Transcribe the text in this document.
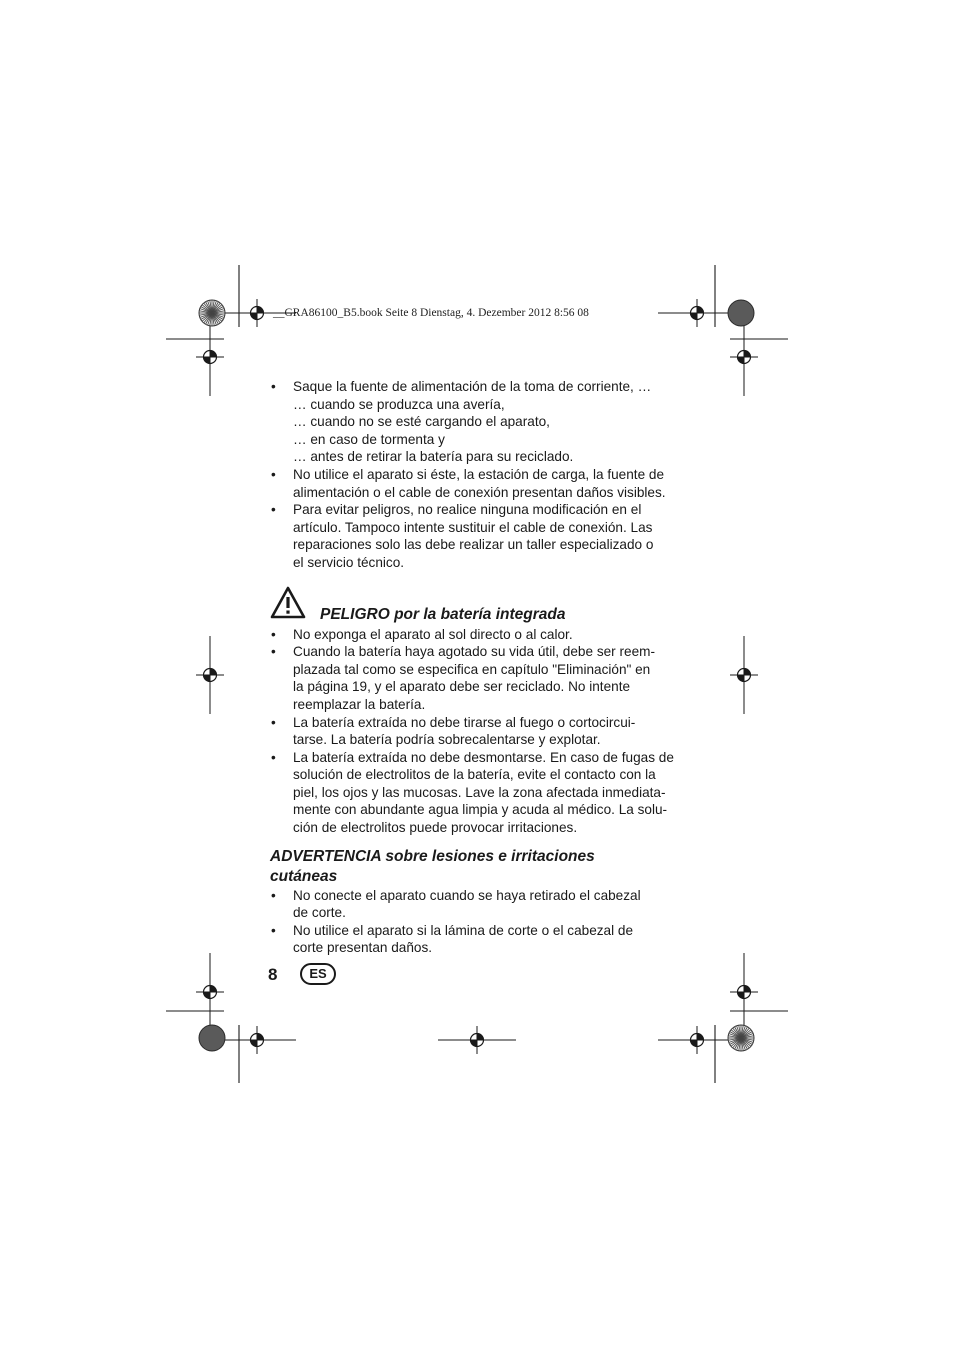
__GRA86100_B5.book Seite 8 Dienstag, 4. Dezember 2012 8:56 08
• Saque la fuente de alimentación de la toma de corriente, …
… cuando se produzca una avería,
… cuando no se esté cargando el aparato,
… en caso de tormenta y
… antes de retirar la batería para su reciclado.
• No utilice el aparato si éste, la estación de carga, la fuente de
alimentación o el cable de conexión presentan daños visibles.
• Para evitar peligros, no realice ninguna modificación en el
artículo. Tampoco intente sustituir el cable de conexión. Las
reparaciones solo las debe realizar un taller especializado o
el servicio técnico.
PELIGRO por la batería integrada
• No exponga el aparato al sol directo o al calor.
• Cuando la batería haya agotado su vida útil, debe ser reem-
plazada tal como se especifica en capítulo "Eliminación" en
la página 19, y el aparato debe ser reciclado. No intente
reemplazar la batería.
• La batería extraída no debe tirarse al fuego o cortocircui-
tarse. La batería podría sobrecalentarse y explotar.
• La batería extraída no debe desmontarse. En caso de fugas de
solución de electrolitos de la batería, evite el contacto con la
piel, los ojos y las mucosas. Lave la zona afectada inmediata-
mente con abundante agua limpia y acuda al médico. La solu-
ción de electrolitos puede provocar irritaciones.
ADVERTENCIA sobre lesiones e irritaciones
cutáneas
• No conecte el aparato cuando se haya retirado el cabezal
de corte.
• No utilice el aparato si la lámina de corte o el cabezal de
corte presentan daños.
8	ES
